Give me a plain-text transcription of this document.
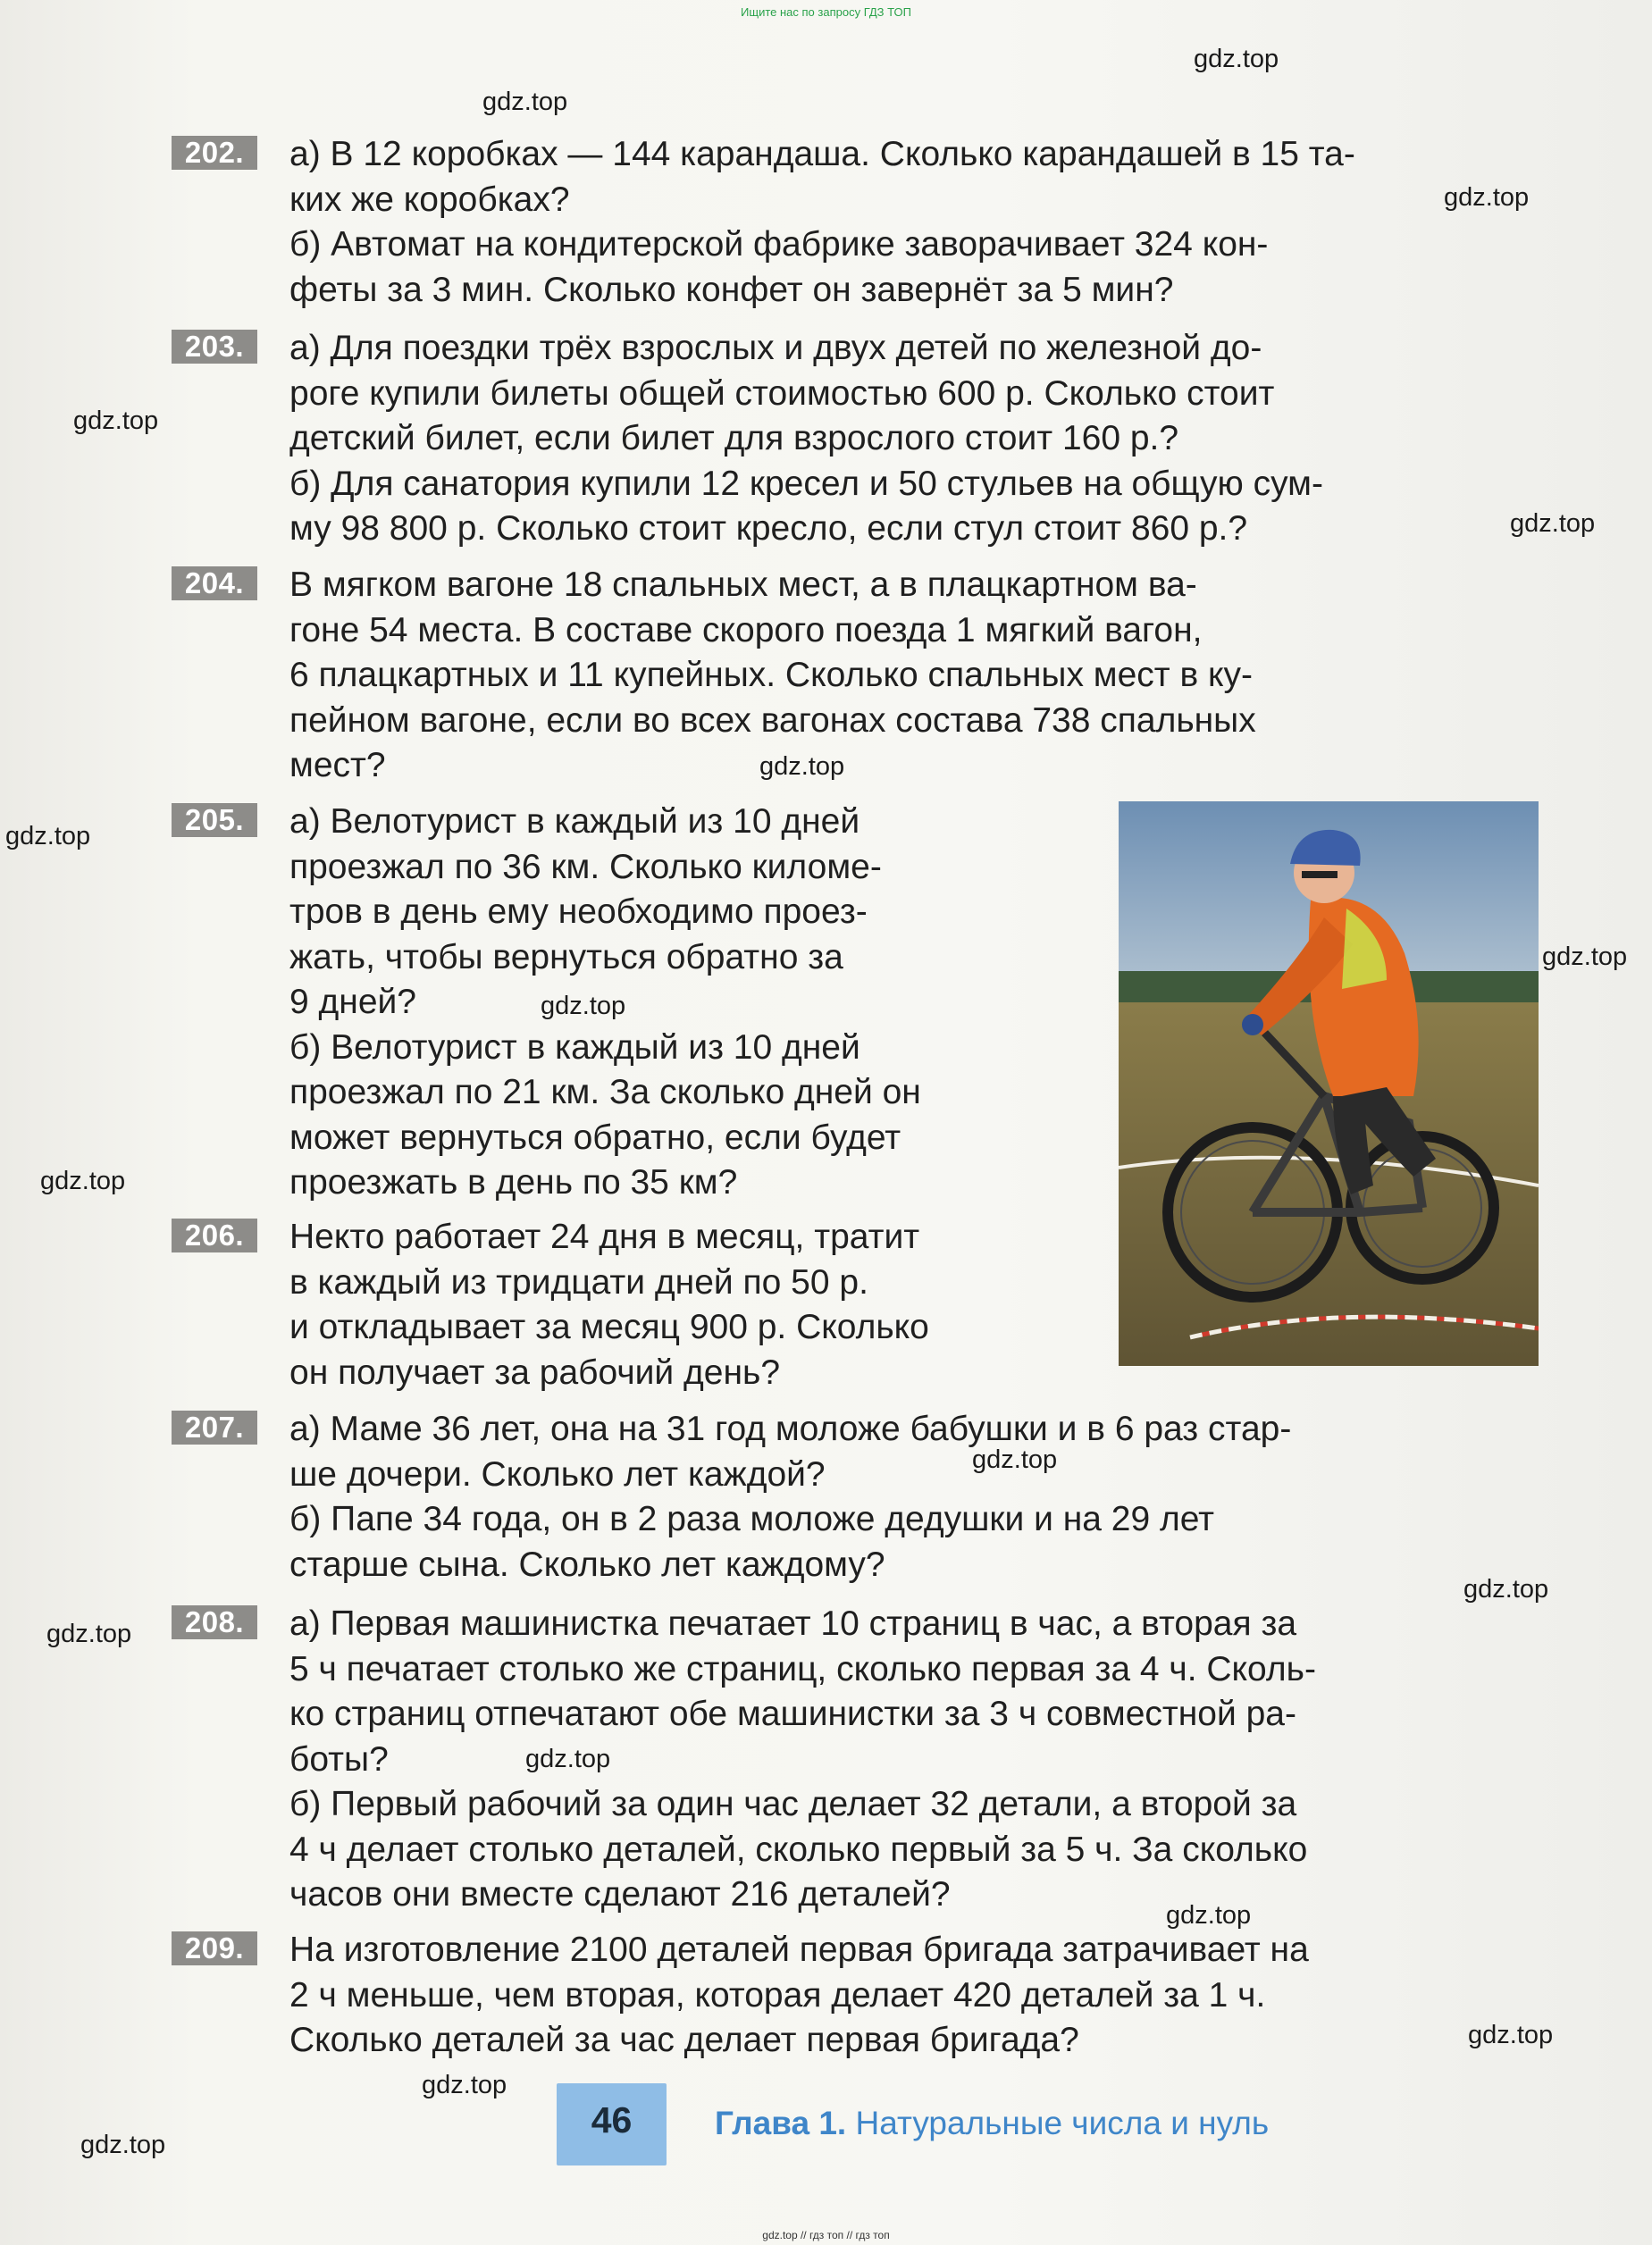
Ищите нас по запросу ГДЗ ТОП
gdz.top
gdz.top
gdz.top
gdz.top
gdz.top
gdz.top
gdz.top
gdz.top
gdz.top
gdz.top
gdz.top
gdz.top
gdz.top
gdz.top
gdz.top
gdz.top
gdz.top
gdz.top
202.	а) В 12 коробках — 144 карандаша. Сколько карандашей в 15 та-
ких же коробках?
б) Автомат на кондитерской фабрике заворачивает 324 кон-
феты за 3 мин. Сколько конфет он завернёт за 5 мин?
203.	а) Для поездки трёх взрослых и двух детей по железной до-
роге купили билеты общей стоимостью 600 р. Сколько стоит
детский билет, если билет для взрослого стоит 160 р.?
б) Для санатория купили 12 кресел и 50 стульев на общую сум-
му 98 800 р. Сколько стоит кресло, если стул стоит 860 р.?
204.	В мягком вагоне 18 спальных мест, а в плацкартном ва-
гоне 54 места. В составе скорого поезда 1 мягкий вагон,
6 плацкартных и 11 купейных. Сколько спальных мест в ку-
пейном вагоне, если во всех вагонах состава 738 спальных
мест?
205.	а) Велотурист в каждый из 10 дней
проезжал по 36 км. Сколько киломе-
тров в день ему необходимо проез-
жать, чтобы вернуться обратно за
9 дней?
б) Велотурист в каждый из 10 дней
проезжал по 21 км. За сколько дней он
может вернуться обратно, если будет
проезжать в день по 35 км?
206.	Некто работает 24 дня в месяц, тратит
в каждый из тридцати дней по 50 р.
и откладывает за месяц 900 р. Сколько
он получает за рабочий день?
207.	а) Маме 36 лет, она на 31 год моложе бабушки и в 6 раз стар-
ше дочери. Сколько лет каждой?
б) Папе 34 года, он в 2 раза моложе дедушки и на 29 лет
старше сына. Сколько лет каждому?
208.	а) Первая машинистка печатает 10 страниц в час, а вторая за
5 ч печатает столько же страниц, сколько первая за 4 ч. Сколь-
ко страниц отпечатают обе машинистки за 3 ч совместной ра-
боты?
б) Первый рабочий за один час делает 32 детали, а второй за
4 ч делает столько деталей, сколько первый за 5 ч. За сколько
часов они вместе сделают 216 деталей?
209.	На изготовление 2100 деталей первая бригада затрачивает на
2 ч меньше, чем вторая, которая делает 420 деталей за 1 ч.
Сколько деталей за час делает первая бригада?
46	Глава 1. Натуральные числа и нуль
gdz.top // гдз топ // гдз топ
